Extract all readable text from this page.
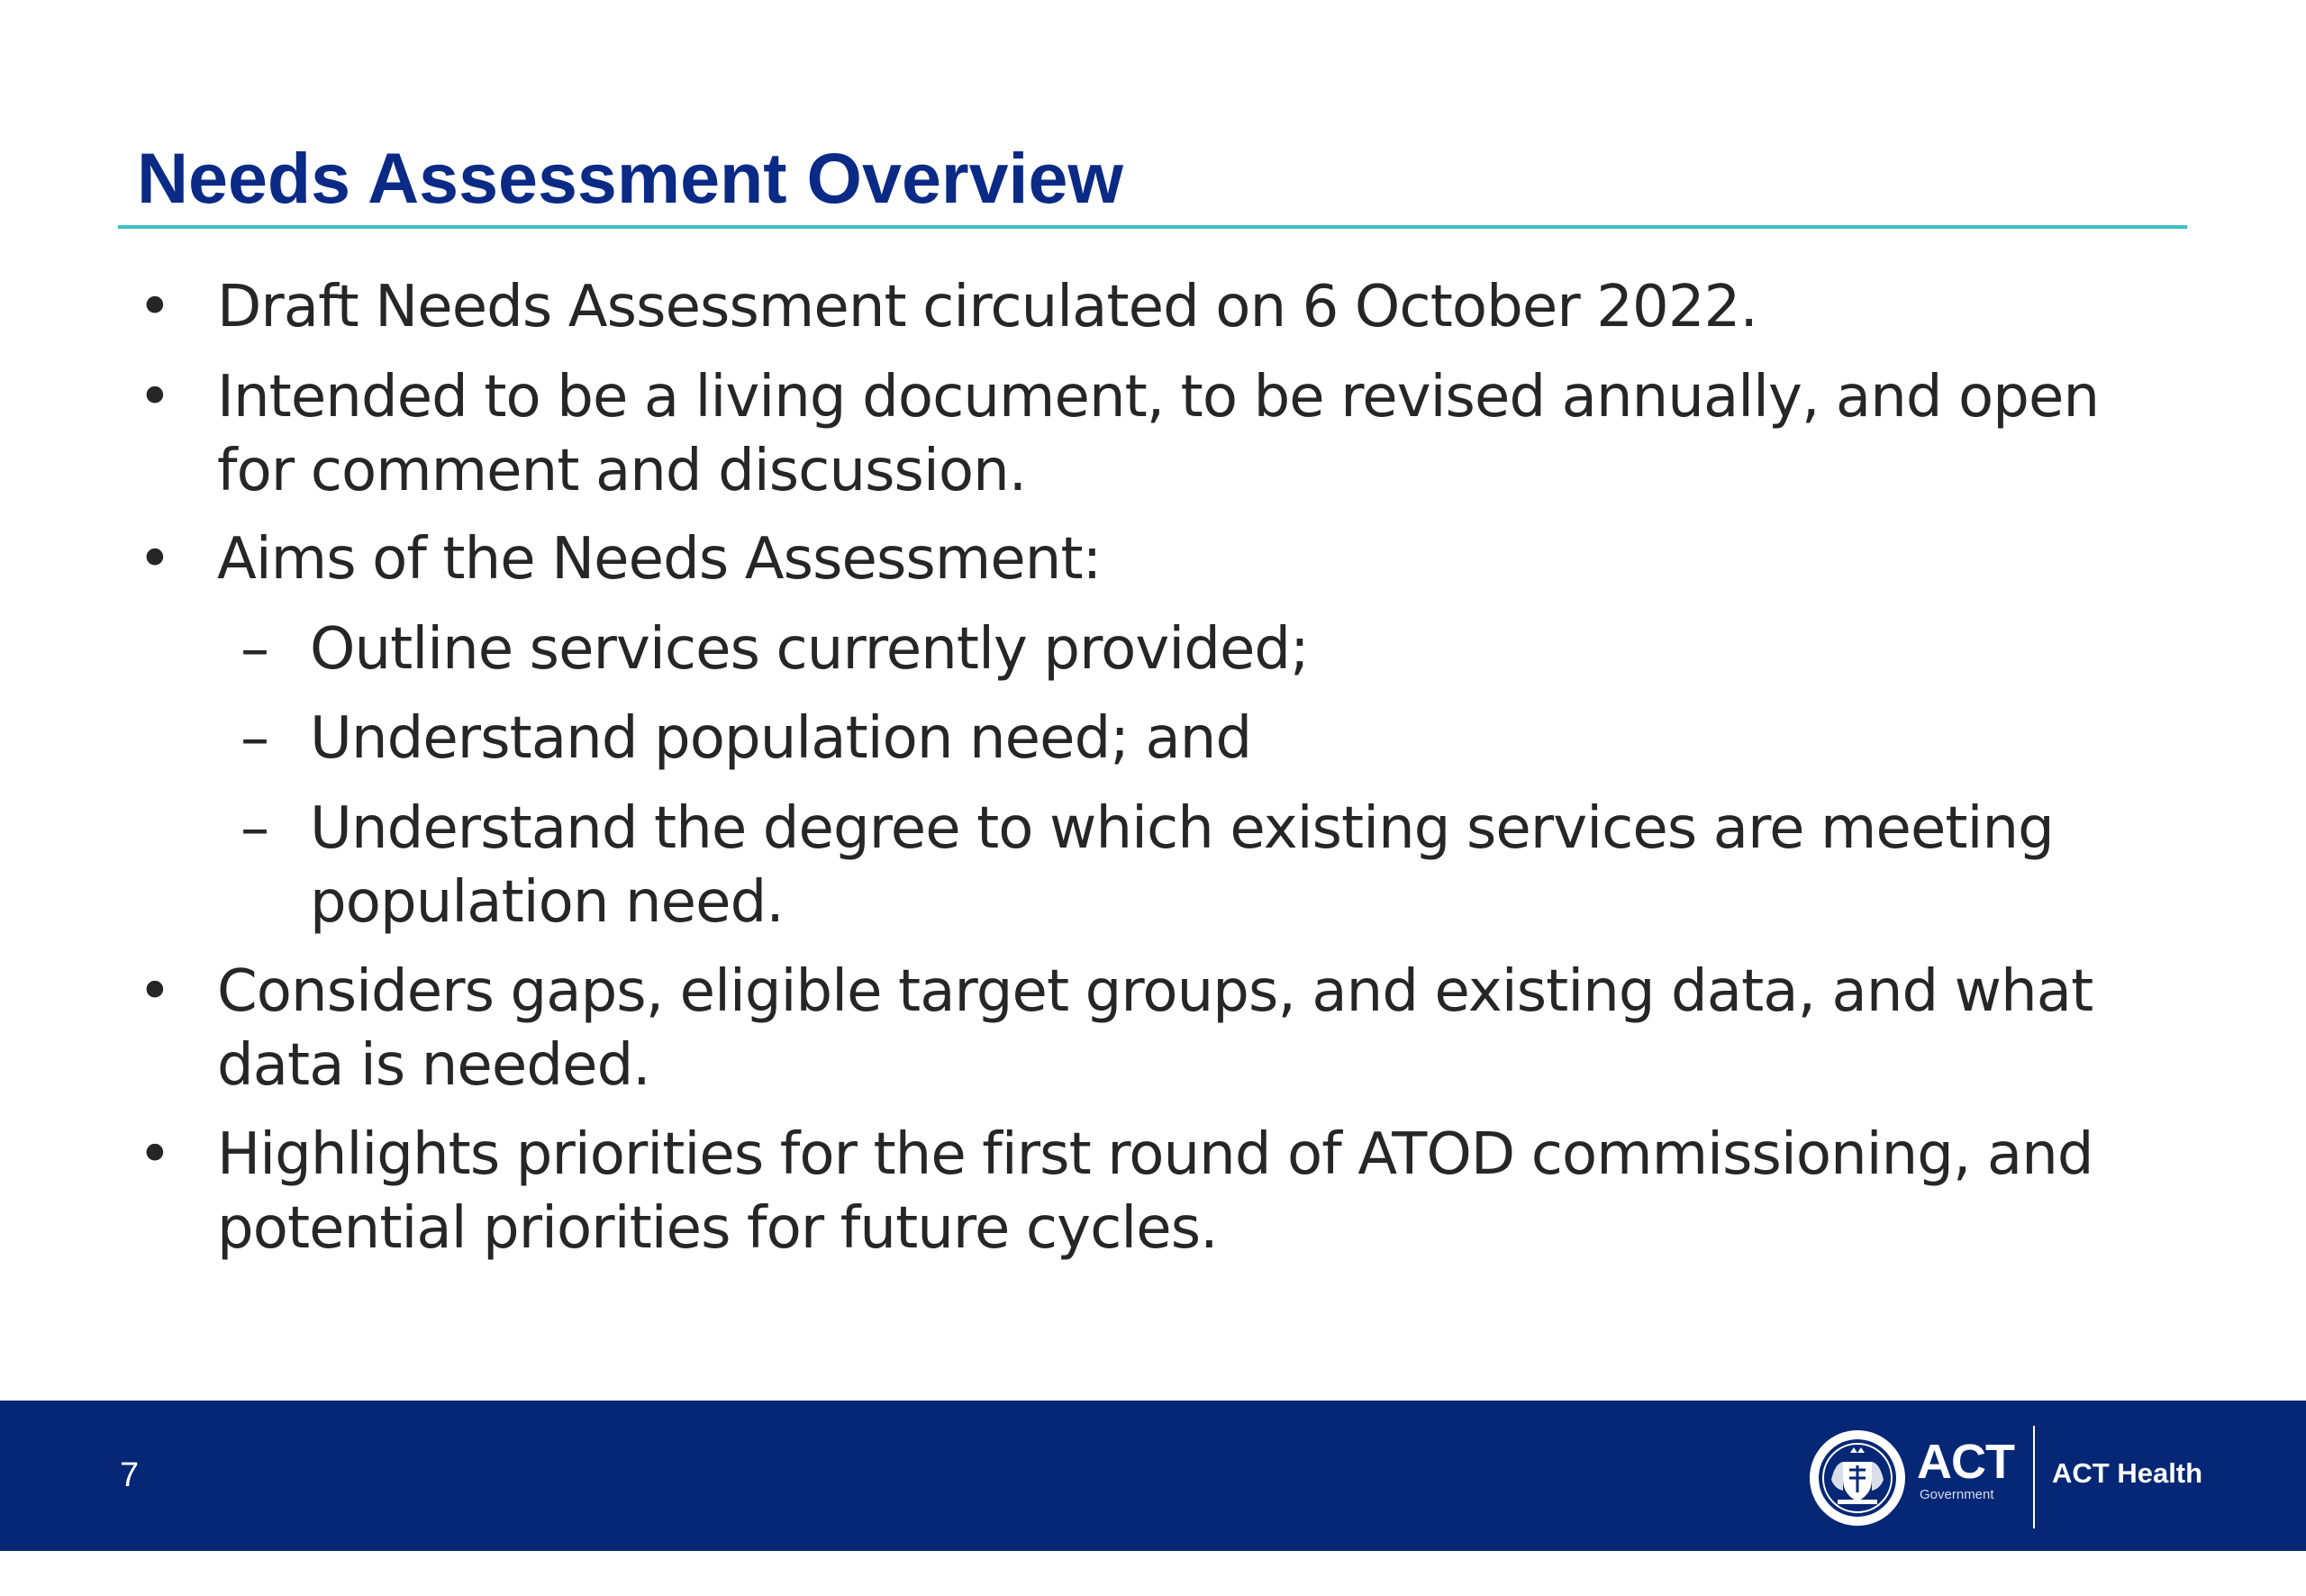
Needs Assessment Overview
• Draft Needs Assessment circulated on 6 October 2022.
• Intended to be a living document, to be revised annually, and open
for comment and discussion.
• Aims of the Needs Assessment:
– Outline services currently provided;
– Understand population need; and
– Understand the degree to which existing services are meeting
population need.
• Considers gaps, eligible target groups, and existing data, and what
data is needed.
• Highlights priorities for the first round of ATOD commissioning, and
potential priorities for future cycles.
7	ACT
Government
ACT Health
